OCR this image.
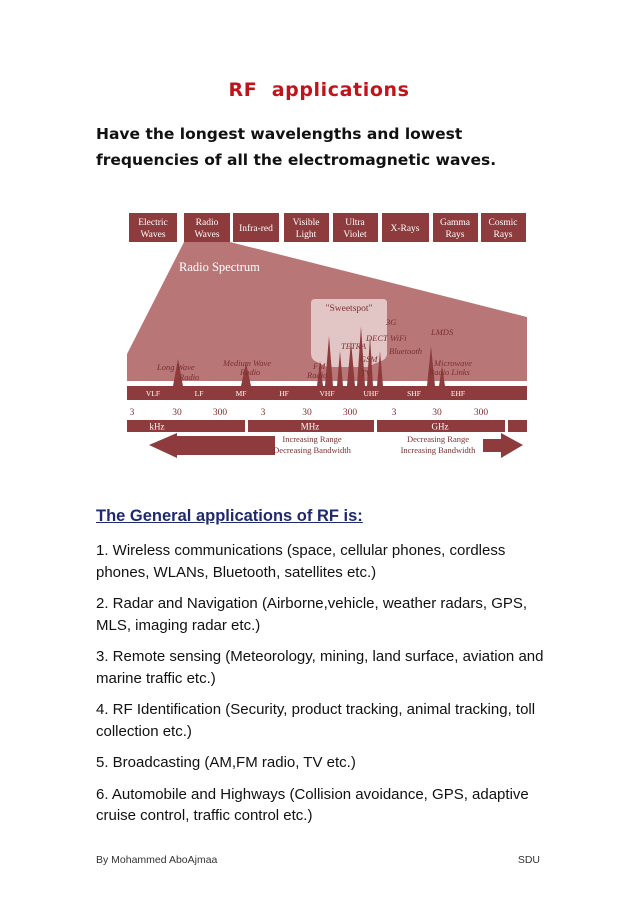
RF  applications
Have the longest wavelengths and lowest frequencies of all the electromagnetic waves.
Electric
Waves
Radio
Waves
Infra-red
Visible
Light
Ultra
Violet
X-Rays
Gamma
Rays
Cosmic
Rays
Radio Spectrum
"Sweetspot"
Long Wave
Radio
Medium Wave
Radio
FM
Radio
TETRA
GSM
TV
DECT
3G
WiFi
Bluetooth
LMDS
Microwave
Radio Links
VLF	LF	MF	HF	VHF	UHF	SHF	EHF
3	30	300	3	30	300	3	30	300
kHz	MHz	GHz
Increasing Range
Decreasing Bandwidth
Decreasing Range
Increasing Bandwidth
The General applications of RF is:
1. Wireless communications (space, cellular phones, cordless phones, WLANs, Bluetooth, satellites etc.)
2. Radar and Navigation (Airborne,vehicle, weather radars, GPS, MLS, imaging radar etc.)
3. Remote sensing (Meteorology, mining, land surface, aviation and marine traffic etc.)
4. RF Identification (Security, product tracking, animal tracking, toll collection etc.)
5. Broadcasting (AM,FM radio, TV etc.)
6. Automobile and Highways (Collision avoidance, GPS, adaptive cruise control, traffic control etc.)
By Mohammed AboAjmaa	SDU
